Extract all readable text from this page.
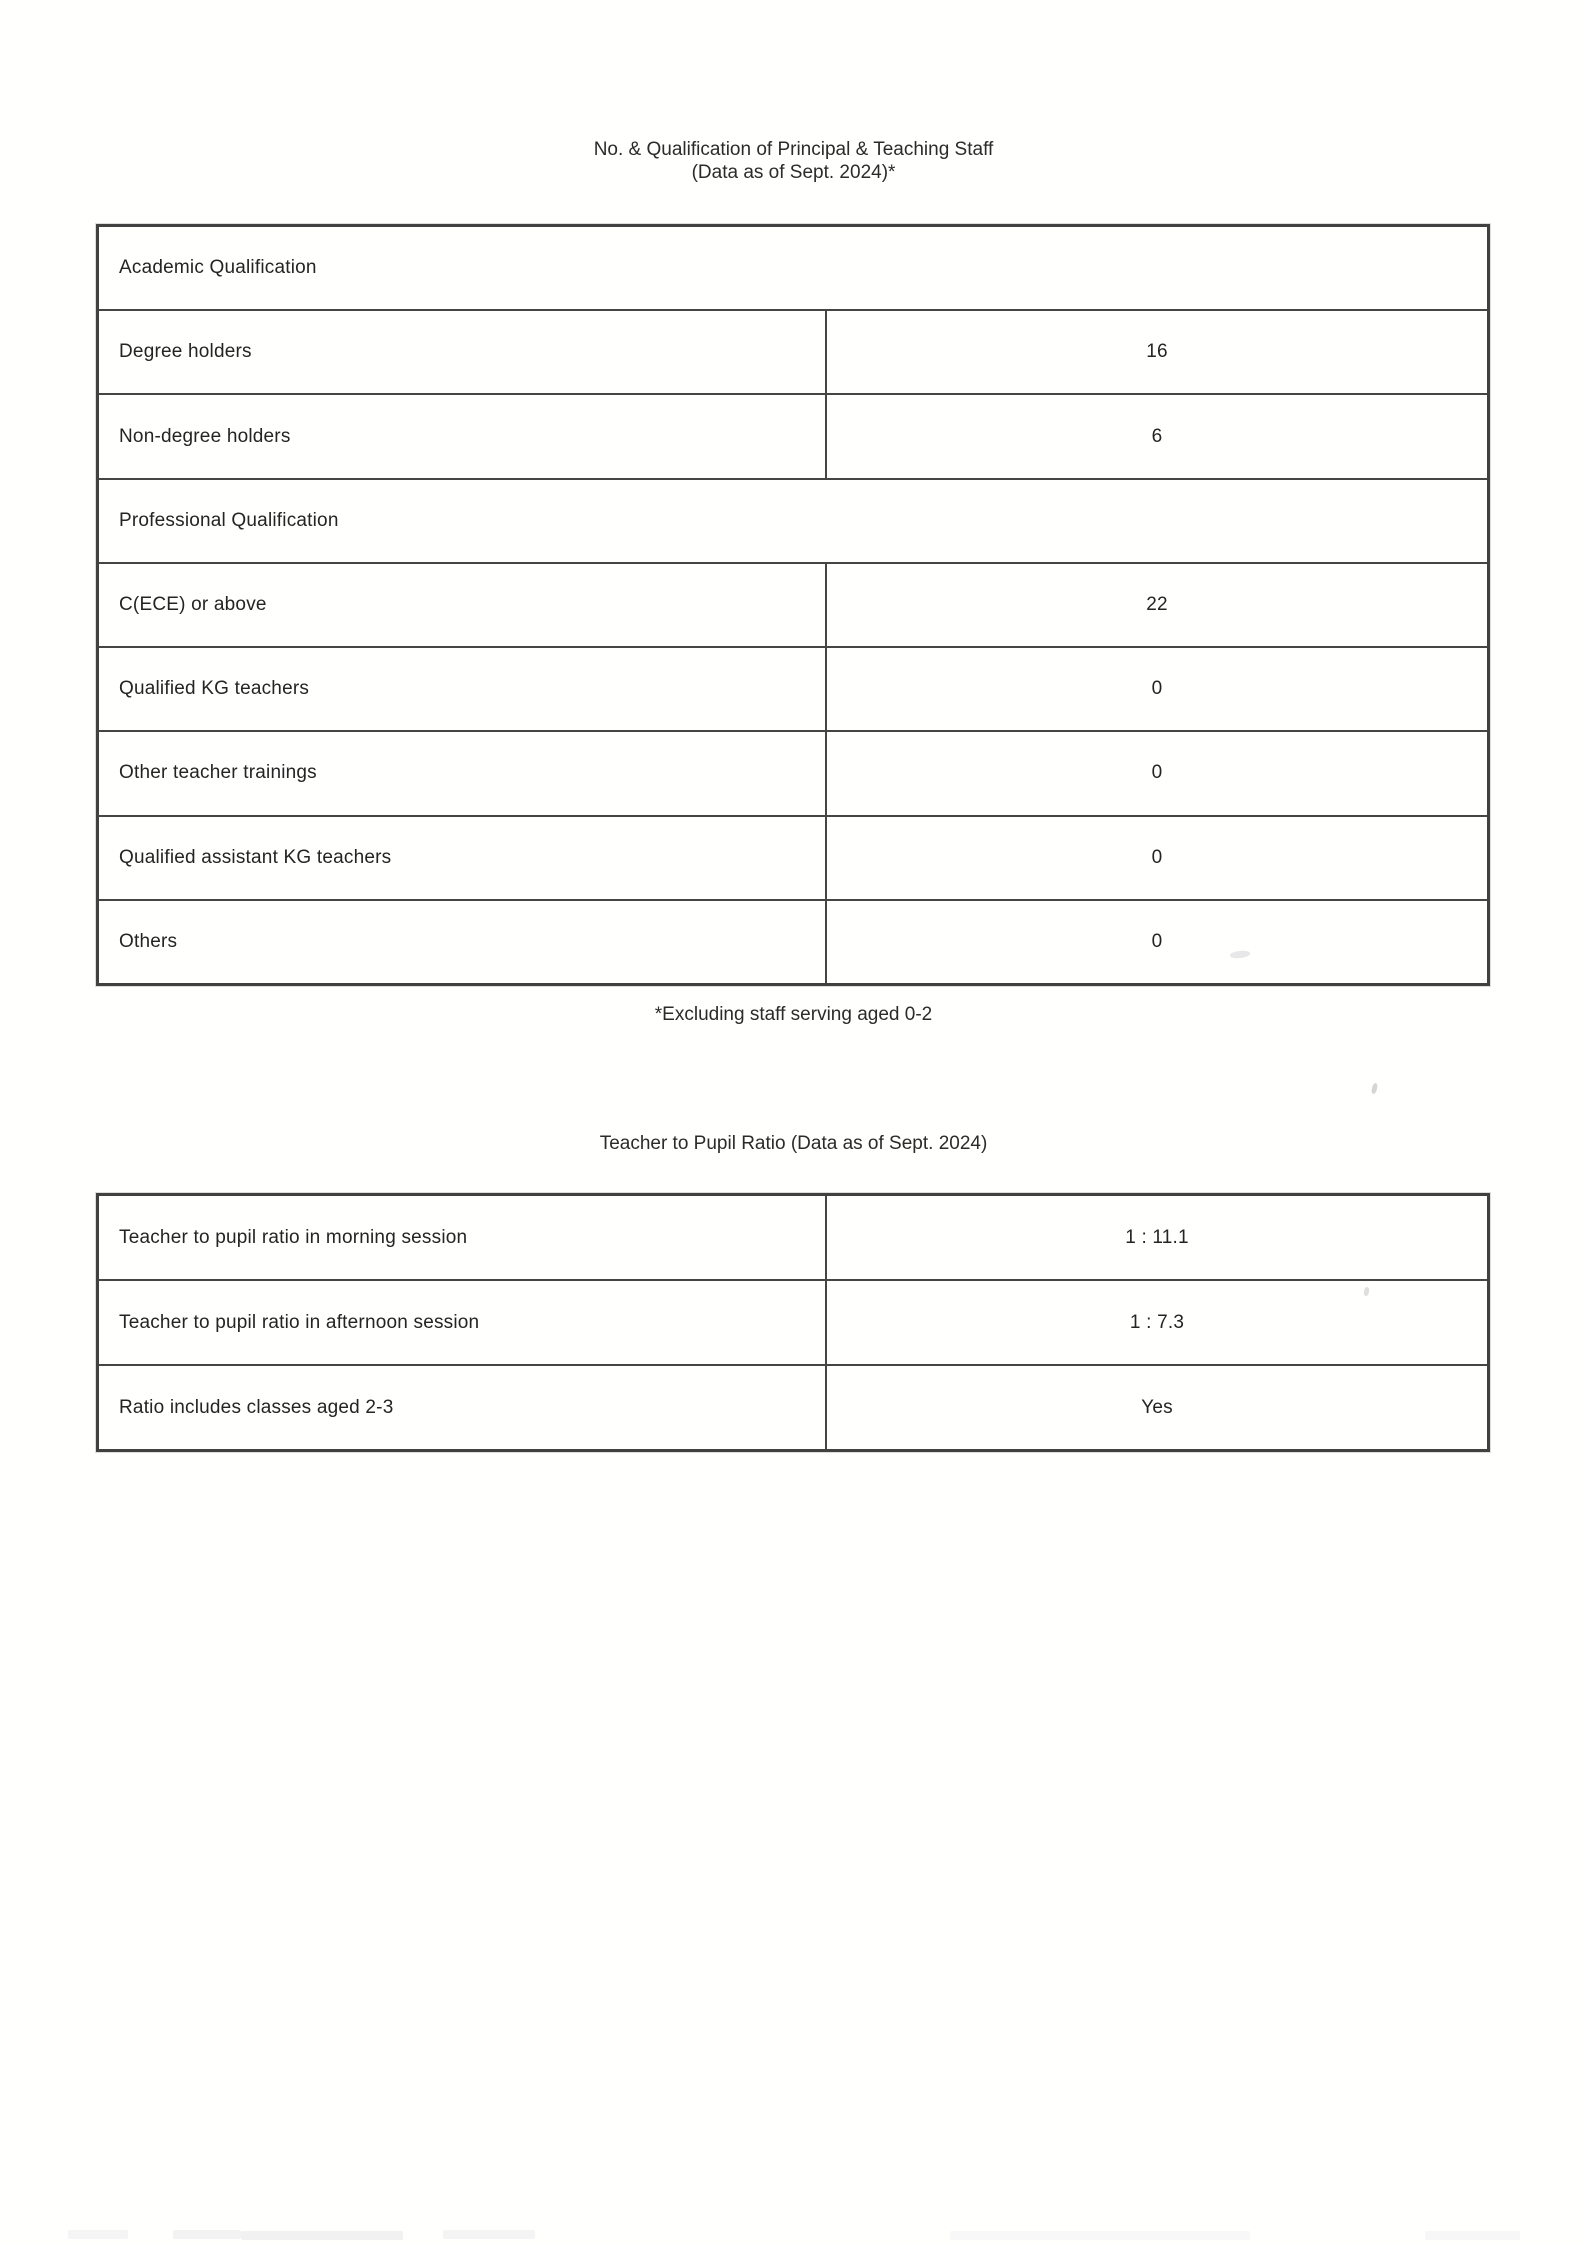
No. & Qualification of Principal & Teaching Staff
(Data as of Sept. 2024)*
Academic Qualification
Degree holders	16
Non-degree holders	6
Professional Qualification
C(ECE) or above	22
Qualified KG teachers	0
Other teacher trainings	0
Qualified assistant KG teachers	0
Others	0
*Excluding staff serving aged 0-2
Teacher to Pupil Ratio (Data as of Sept. 2024)
Teacher to pupil ratio in morning session	1 : 11.1
Teacher to pupil ratio in afternoon session	1 : 7.3
Ratio includes classes aged 2-3	Yes
